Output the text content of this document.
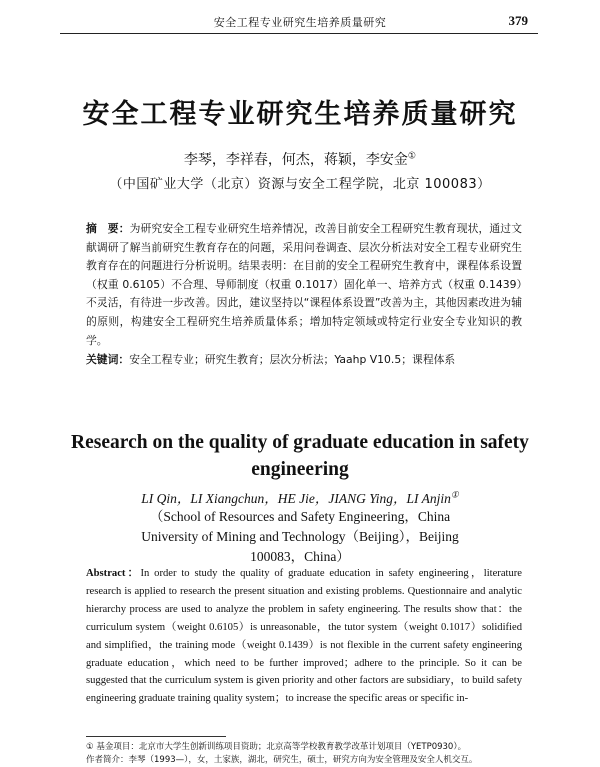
安全工程专业研究生培养质量研究	379
安全工程专业研究生培养质量研究
李琴，李祥春，何杰，蒋颖，李安金①
（中国矿业大学（北京）资源与安全工程学院，北京 100083）
摘　要：为研究安全工程专业研究生培养情况，改善目前安全工程研究生教育现状，通过文献调研了解当前研究生教育存在的问题，采用问卷调查、层次分析法对安全工程专业研究生教育存在的问题进行分析说明。结果表明：在目前的安全工程研究生教育中，课程体系设置（权重 0.6105）不合理、导师制度（权重 0.1017）固化单一、培养方式（权重 0.1439）不灵活，有待进一步改善。因此，建议坚持以“课程体系设置”改善为主，其他因素改进为辅的原则，构建安全工程研究生培养质量体系；增加特定领域或特定行业安全专业知识的教学。
关键词：安全工程专业；研究生教育；层次分析法；Yaahp V10.5；课程体系
Research on the quality of graduate education in safety engineering
LI Qin，LI Xiangchun，HE Jie，JIANG Ying，LI Anjin①
（School of Resources and Safety Engineering，China University of Mining and Technology（Beijing），Beijing 100083，China）
Abstract：In order to study the quality of graduate education in safety engineering，literature research is applied to research the present situation and existing problems. Questionnaire and analytic hierarchy process are used to analyze the problem in safety engineering. The results show that：the curriculum system（weight 0.6105）is unreasonable，the tutor system（weight 0.1017）solidified and simplified，the training mode（weight 0.1439）is not flexible in the current safety engineering graduate education，which need to be further improved；adhere to the principle. So it can be suggested that the curriculum system is given priority and other factors are subsidiary，to build safety engineering graduate training quality system；to increase the specific areas or specific in-
① 基金项目：北京市大学生创新训练项目资助；北京高等学校教育教学改革计划项目（YETP0930）。
作者简介：李琴（1993—），女，土家族，湖北，研究生，硕士，研究方向为安全管理及安全人机交互。
